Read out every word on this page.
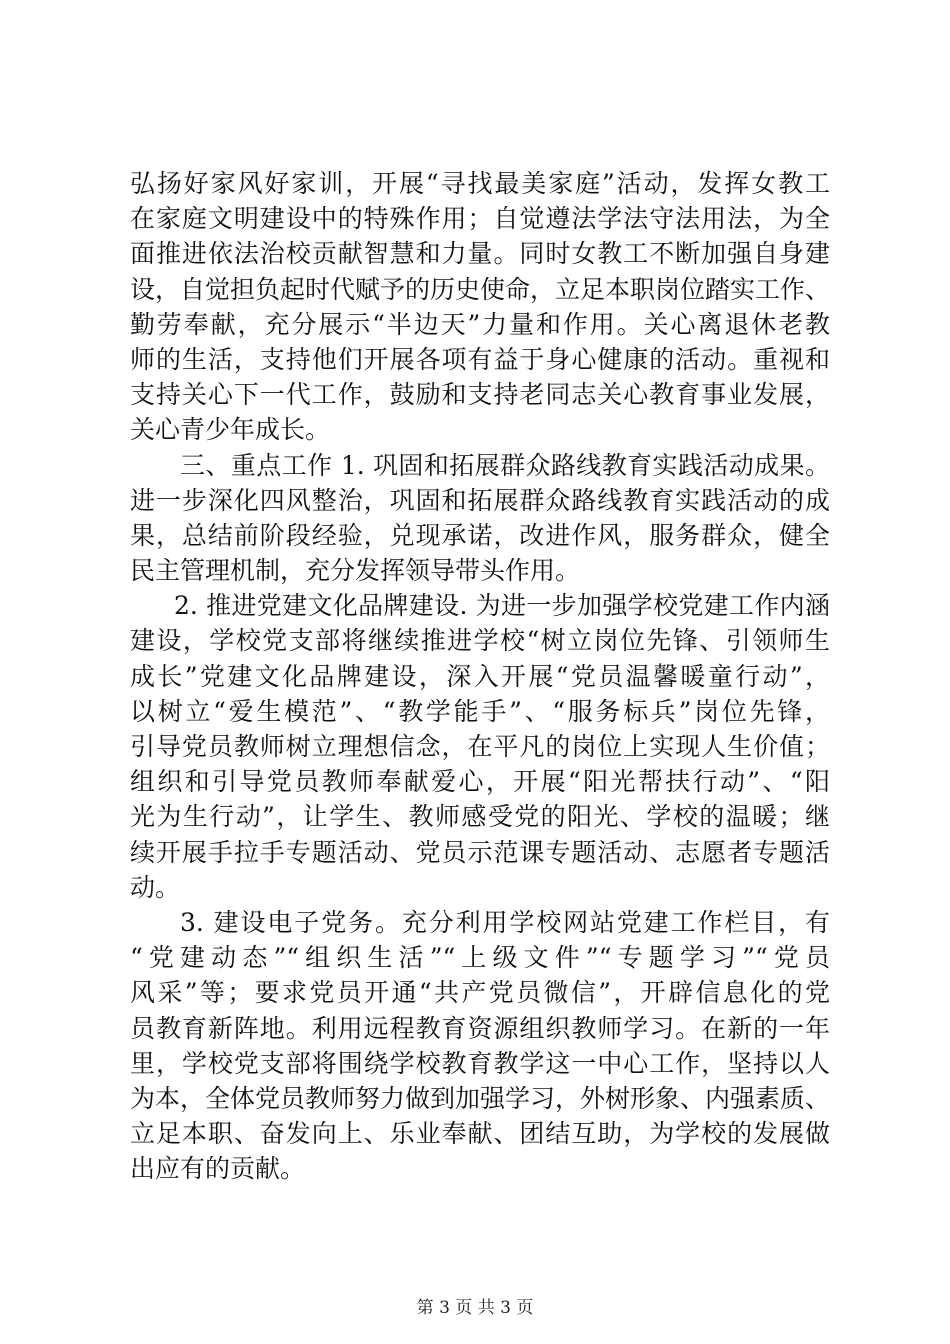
弘扬好家风好家训，开展“寻找最美家庭”活动，发挥女教工
在家庭文明建设中的特殊作用；自觉遵法学法守法用法，为全
面推进依法治校贡献智慧和力量。同时女教工不断加强自身建
设，自觉担负起时代赋予的历史使命，立足本职岗位踏实工作、
勤劳奉献，充分展示“半边天”力量和作用。关心离退休老教
师的生活，支持他们开展各项有益于身心健康的活动。重视和
支持关心下一代工作，鼓励和支持老同志关心教育事业发展，
关心青少年成长。
三、重点工作 1. 巩固和拓展群众路线教育实践活动成果。
进一步深化四风整治，巩固和拓展群众路线教育实践活动的成
果，总结前阶段经验，兑现承诺，改进作风，服务群众，健全
民主管理机制，充分发挥领导带头作用。
2. 推进党建文化品牌建设. 为进一步加强学校党建工作内涵
建设，学校党支部将继续推进学校“树立岗位先锋、引领师生
成长”党建文化品牌建设，深入开展“党员温馨暖童行动”，
以树立“爱生模范”、“教学能手”、“服务标兵”岗位先锋，
引导党员教师树立理想信念，在平凡的岗位上实现人生价值；
组织和引导党员教师奉献爱心，开展“阳光帮扶行动”、“阳
光为生行动”，让学生、教师感受党的阳光、学校的温暖；继
续开展手拉手专题活动、党员示范课专题活动、志愿者专题活
动。
3. 建设电子党务。充分利用学校网站党建工作栏目，有
“党建动态”“组织生活”“上级文件”“专题学习”“党员
风采”等；要求党员开通“共产党员微信”，开辟信息化的党
员教育新阵地。利用远程教育资源组织教师学习。在新的一年
里，学校党支部将围绕学校教育教学这一中心工作，坚持以人
为本，全体党员教师努力做到加强学习，外树形象、内强素质、
立足本职、奋发向上、乐业奉献、团结互助，为学校的发展做
出应有的贡献。
第 3 页 共 3 页
